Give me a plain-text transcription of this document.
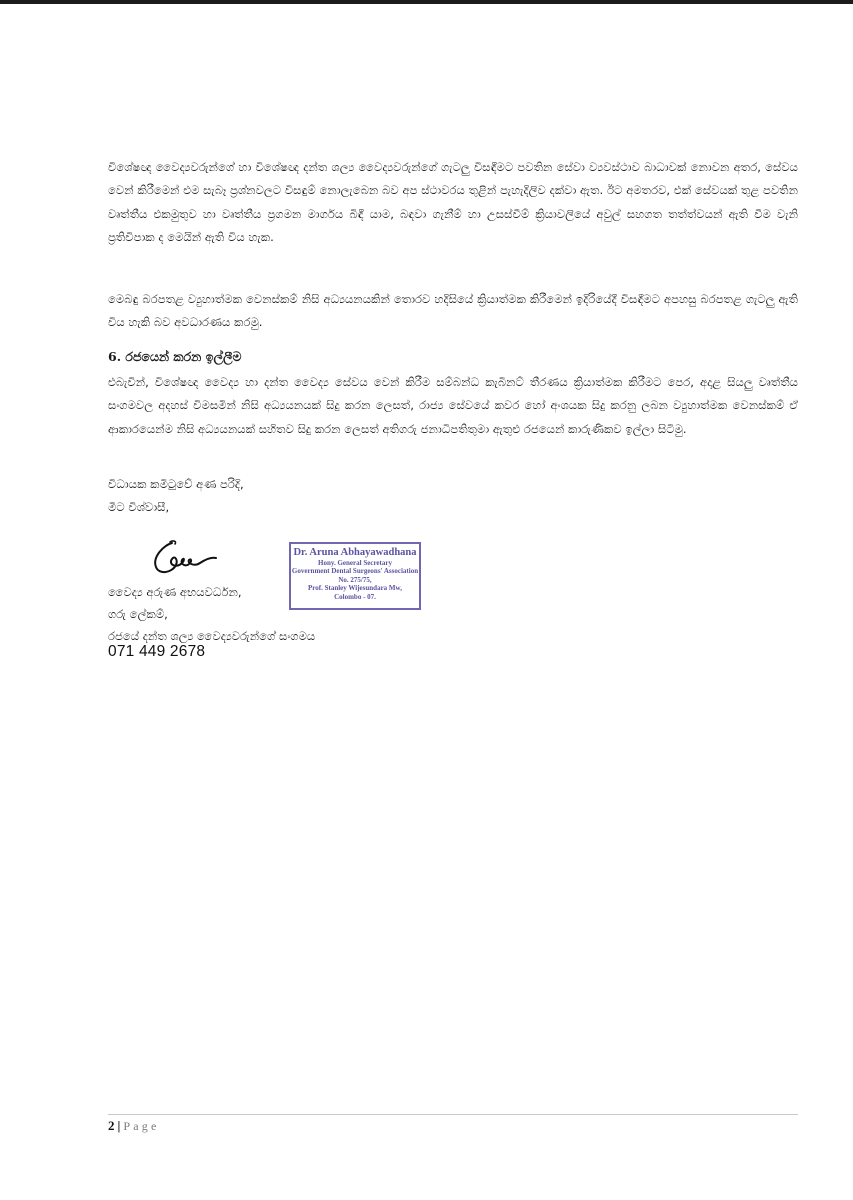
විශේෂඥ වෛද්‍යවරුන්ගේ හා විශේෂඥ දන්ත ශල්‍ය වෛද්‍යවරුන්ගේ ගැටලු විසඳීමට පවතින සේවා ව්‍යවස්ථාව බාධාවක් නොවන අතර, සේවය වෙන් කිරීමෙන් එම සැබෑ ප්‍රශ්නවලට විසඳුම් නොලැබෙන බව අප ස්ථාවරය තුළින් පැහැදිලිව දක්වා ඇත. ඊට අමතරව, එක් සේවයක් තුළ පවතින වෘත්තීය එකමුතුව හා වෘත්තීය ප්‍රගමන මාර්ගය බිඳී යාම, බඳවා ගැනීම් හා උසස්වීම් ක්‍රියාවලියේ අවුල් සහගත තත්ත්වයන් ඇති වීම වැනි ප්‍රතිවිපාක ද මෙයින් ඇති විය හැක.

මෙබඳු බරපතළ ව්‍යුහාත්මක වෙනස්කම් නිසි අධ්‍යයනයකින් තොරව හදිසියේ ක්‍රියාත්මක කිරීමෙන් ඉදිරියේදී විසඳීමට අපහසු බරපතළ ගැටලු ඇති විය හැකි බව අවධාරණය කරමු.

6. රජයෙන් කරන ඉල්ලීම

එබැවින්, විශේෂඥ වෛද්‍ය හා දන්ත වෛද්‍ය සේවය වෙන් කිරීම සම්බන්ධ කැබිනට් තීරණය ක්‍රියාත්මක කිරීමට පෙර, අදාළ සියලු වෘත්තීය සංගමවල අදහස් විමසමින් නිසි අධ්‍යයනයක් සිදු කරන ලෙසත්, රාජ්‍ය සේවයේ කවර හෝ අංශයක සිදු කරනු ලබන ව්‍යුහාත්මක වෙනස්කම් ඒ ආකාරයෙන්ම නිසි අධ්‍යයනයක් සහිතව සිදු කරන ලෙසත් අතිගරු ජනාධිපතිතුමා ඇතුළු රජයෙන් කාරුණිකව ඉල්ලා සිටිමු.

විධායක කමිටුවේ අණ පරිදි,
මීට විශ්වාසී,
Dr. Aruna Abhayawadhana
Hony. General Secretary
Government Dental Surgeons' Association
No. 275/75,
Prof. Stanley Wijesundara Mw,
Colombo - 07.
වෛද්‍ය අරුණ අභයවර්ධන,
ගරු ලේකම්,
රජයේ දන්ත ශල්‍ය වෛද්‍යවරුන්ගේ සංගමය
071 449 2678
2 | Page
